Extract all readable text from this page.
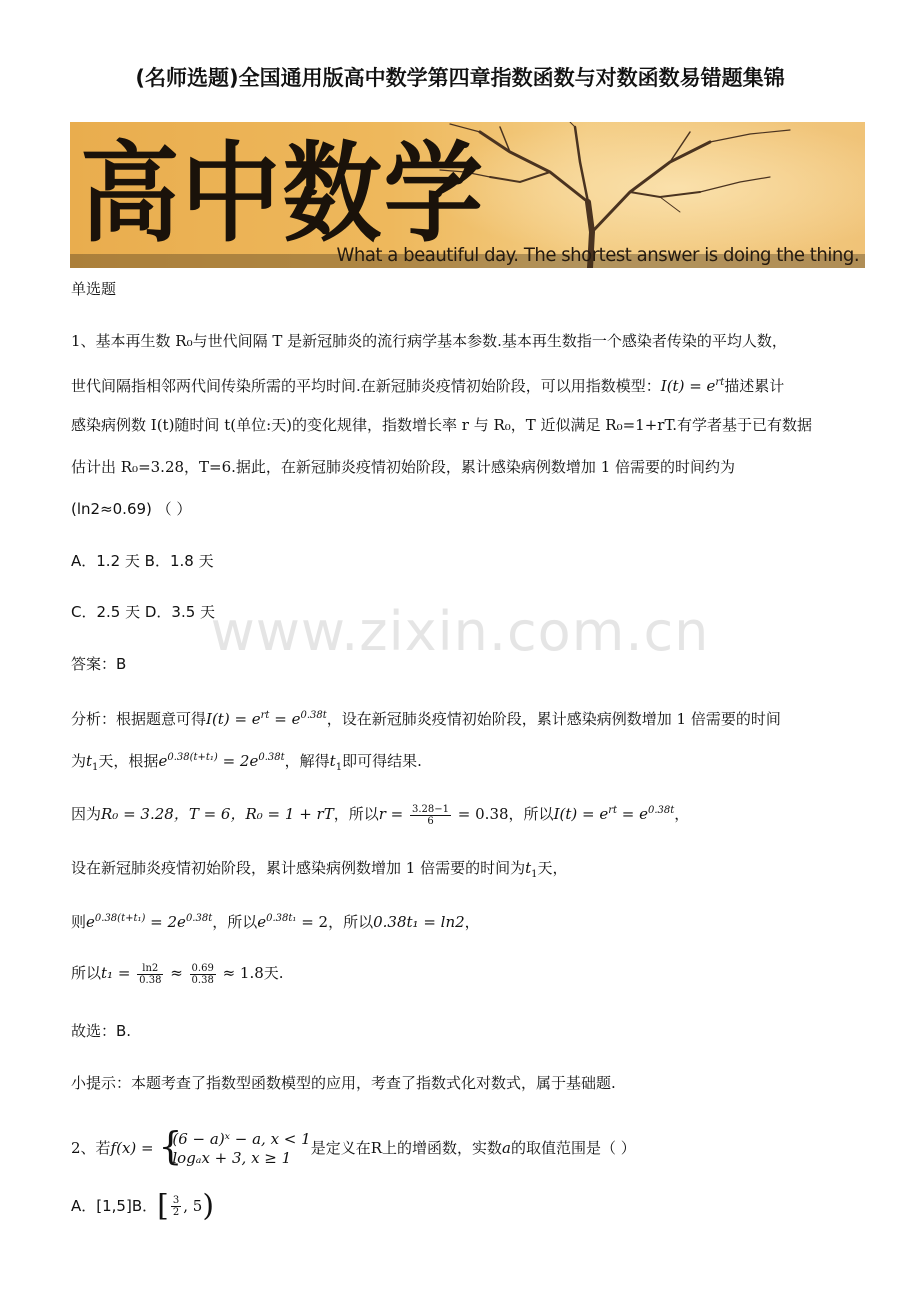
(名师选题)全国通用版高中数学第四章指数函数与对数函数易错题集锦
高中数学
What a beautiful day. The shortest answer is doing the thing.
单选题
1、基本再生数 R₀与世代间隔 T 是新冠肺炎的流行病学基本参数.基本再生数指一个感染者传染的平均人数，
世代间隔指相邻两代间传染所需的平均时间.在新冠肺炎疫情初始阶段，可以用指数模型：$I(t) = e^{rt}$描述累计
感染病例数 I(t)随时间 t(单位:天)的变化规律，指数增长率 r 与 R₀，T 近似满足 R₀=1+rT.有学者基于已有数据
估计出 R₀=3.28，T=6.据此，在新冠肺炎疫情初始阶段，累计感染病例数增加 1 倍需要的时间约为
(ln2≈0.69) （ ）
A．1.2 天 B．1.8 天
C．2.5 天 D．3.5 天
www.zixin.com.cn
答案：B
分析：根据题意可得$I(t) = e^{rt} = e^{0.38t}$，设在新冠肺炎疫情初始阶段，累计感染病例数增加 1 倍需要的时间
为$t_1$天，根据$e^{0.38(t+t_1)} = 2e^{0.38t}$，解得$t_1$即可得结果.
因为R₀ = 3.28，T = 6，R₀ = 1 + rT，所以$r = \frac{3.28-1}{6} = 0.38$，所以$I(t) = e^{rt} = e^{0.38t}$，
设在新冠肺炎疫情初始阶段，累计感染病例数增加 1 倍需要的时间为$t_1$天，
则$e^{0.38(t+t_1)} = 2e^{0.38t}$，所以$e^{0.38t_1} = 2$，所以0.38t₁ = ln2，
所以$t_1 = \frac{\ln 2}{0.38} \approx \frac{0.69}{0.38} \approx 1.8$天.
故选：B.
小提示：本题考查了指数型函数模型的应用，考查了指数式化对数式，属于基础题.
2、若f(x) = {
(6 − a)ˣ − a, x < 1
logₐx + 3, x ≥ 1
是定义在R上的增函数，实数a的取值范围是（ ）
A．[1,5]B．[ $\frac{3}{2}$ , 5)
